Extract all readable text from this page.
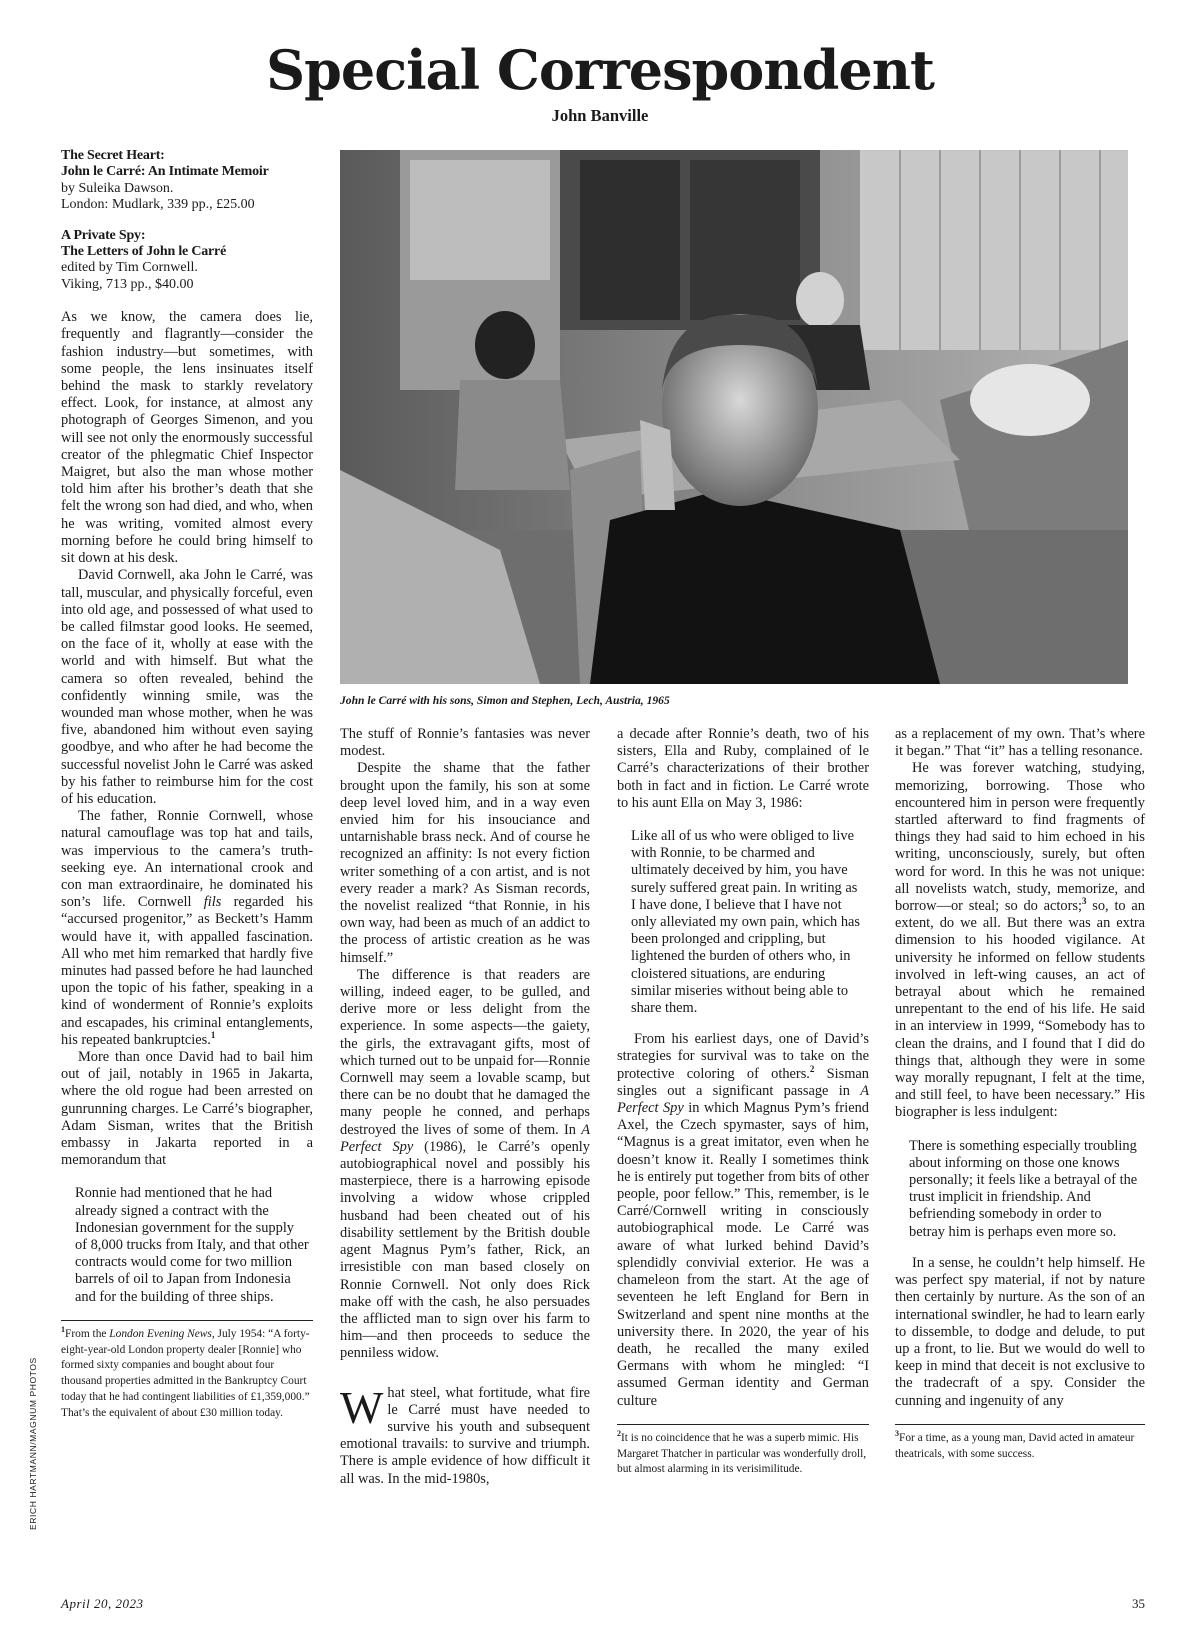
Special Correspondent
John Banville
The Secret Heart:
John le Carré: An Intimate Memoir
by Suleika Dawson.
London: Mudlark, 339 pp., £25.00
A Private Spy:
The Letters of John le Carré
edited by Tim Cornwell.
Viking, 713 pp., $40.00

As we know, the camera does lie, frequently and flagrantly—consider the fashion industry—but sometimes, with some people, the lens insinuates itself behind the mask to starkly revelatory effect. Look, for instance, at almost any photograph of Georges Simenon, and you will see not only the enormously successful creator of the phlegmatic Chief Inspector Maigret, but also the man whose mother told him after his brother’s death that she felt the wrong son had died, and who, when he was writing, vomited almost every morning before he could bring himself to sit down at his desk.

David Cornwell, aka John le Carré, was tall, muscular, and physically forceful, even into old age, and possessed of what used to be called filmstar good looks. He seemed, on the face of it, wholly at ease with the world and with himself. But what the camera so often revealed, behind the confidently winning smile, was the wounded man whose mother, when he was five, abandoned him without even saying goodbye, and who after he had become the successful novelist John le Carré was asked by his father to reimburse him for the cost of his education.

The father, Ronnie Cornwell, whose natural camouflage was top hat and tails, was impervious to the camera’s truth-seeking eye. An international crook and con man extraordinaire, he dominated his son’s life. Cornwell fils regarded his “accursed progenitor,” as Beckett’s Hamm would have it, with appalled fascination. All who met him remarked that hardly five minutes had passed before he had launched upon the topic of his father, speaking in a kind of wonderment of Ronnie’s exploits and escapades, his criminal entanglements, his repeated bankruptcies.$^1$

More than once David had to bail him out of jail, notably in 1965 in Jakarta, where the old rogue had been arrested on gunrunning charges. Le Carré’s biographer, Adam Sisman, writes that the British embassy in Jakarta reported in a memorandum that

Ronnie had mentioned that he had already signed a contract with the Indonesian government for the supply of 8,000 trucks from Italy, and that other contracts would come for two million barrels of oil to Japan from Indonesia and for the building of three ships.
$^1$From the London Evening News, July 1954: “A forty-eight-year-old London property dealer [Ronnie] who formed sixty companies and bought about four thousand properties admitted in the Bankruptcy Court today that he had contingent liabilities of £1,359,000.” That’s the equivalent of about £30 million today.
John le Carré with his sons, Simon and Stephen, Lech, Austria, 1965

The stuff of Ronnie’s fantasies was never modest.

Despite the shame that the father brought upon the family, his son at some deep level loved him, and in a way even envied him for his insouciance and untarnishable brass neck. And of course he recognized an affinity: Is not every fiction writer something of a con artist, and is not every reader a mark? As Sisman records, the novelist realized “that Ronnie, in his own way, had been as much of an addict to the process of artistic creation as he was himself.”

The difference is that readers are willing, indeed eager, to be gulled, and derive more or less delight from the experience. In some aspects—the gaiety, the girls, the extravagant gifts, most of which turned out to be unpaid for—Ronnie Cornwell may seem a lovable scamp, but there can be no doubt that he damaged the many people he conned, and perhaps destroyed the lives of some of them. In A Perfect Spy (1986), le Carré’s openly autobiographical novel and possibly his masterpiece, there is a harrowing episode involving a widow whose crippled husband had been cheated out of his disability settlement by the British double agent Magnus Pym’s father, Rick, an irresistible con man based closely on Ronnie Cornwell. Not only does Rick make off with the cash, he also persuades the afflicted man to sign over his farm to him—and then proceeds to seduce the penniless widow.

What steel, what fortitude, what fire le Carré must have needed to survive his youth and subsequent emotional travails: to survive and triumph. There is ample evidence of how difficult it all was. In the mid-1980s,

a decade after Ronnie’s death, two of his sisters, Ella and Ruby, complained of le Carré’s characterizations of their brother both in fact and in fiction. Le Carré wrote to his aunt Ella on May 3, 1986:

Like all of us who were obliged to live with Ronnie, to be charmed and ultimately deceived by him, you have surely suffered great pain. In writing as I have done, I believe that I have not only alleviated my own pain, which has been prolonged and crippling, but lightened the burden of others who, in cloistered situations, are enduring similar miseries without being able to share them.

From his earliest days, one of David’s strategies for survival was to take on the protective coloring of others.$^2$ Sisman singles out a significant passage in A Perfect Spy in which Magnus Pym’s friend Axel, the Czech spymaster, says of him, “Magnus is a great imitator, even when he doesn’t know it. Really I sometimes think he is entirely put together from bits of other people, poor fellow.” This, remember, is le Carré/Cornwell writing in consciously autobiographical mode. Le Carré was aware of what lurked behind David’s splendidly convivial exterior. He was a chameleon from the start. At the age of seventeen he left England for Bern in Switzerland and spent nine months at the university there. In 2020, the year of his death, he recalled the many exiled Germans with whom he mingled: “I assumed German identity and German culture

$^2$It is no coincidence that he was a superb mimic. His Margaret Thatcher in particular was wonderfully droll, but almost alarming in its verisimilitude.

as a replacement of my own. That’s where it began.” That “it” has a telling resonance.

He was forever watching, studying, memorizing, borrowing. Those who encountered him in person were frequently startled afterward to find fragments of things they had said to him echoed in his writing, unconsciously, surely, but often word for word. In this he was not unique: all novelists watch, study, memorize, and borrow—or steal; so do actors;$^3$ so, to an extent, do we all. But there was an extra dimension to his hooded vigilance. At university he informed on fellow students involved in left-wing causes, an act of betrayal about which he remained unrepentant to the end of his life. He said in an interview in 1999, “Somebody has to clean the drains, and I found that I did do things that, although they were in some way morally repugnant, I felt at the time, and still feel, to have been necessary.” His biographer is less indulgent:

There is something especially troubling about informing on those one knows personally; it feels like a betrayal of the trust implicit in friendship. And befriending somebody in order to betray him is perhaps even more so.

In a sense, he couldn’t help himself. He was perfect spy material, if not by nature then certainly by nurture. As the son of an international swindler, he had to learn early to dissemble, to dodge and delude, to put up a front, to lie. But we would do well to keep in mind that deceit is not exclusive to the tradecraft of a spy. Consider the cunning and ingenuity of any

$^3$For a time, as a young man, David acted in amateur theatricals, with some success.
ERICH HARTMANN/MAGNUM PHOTOS
April 20, 2023	35
